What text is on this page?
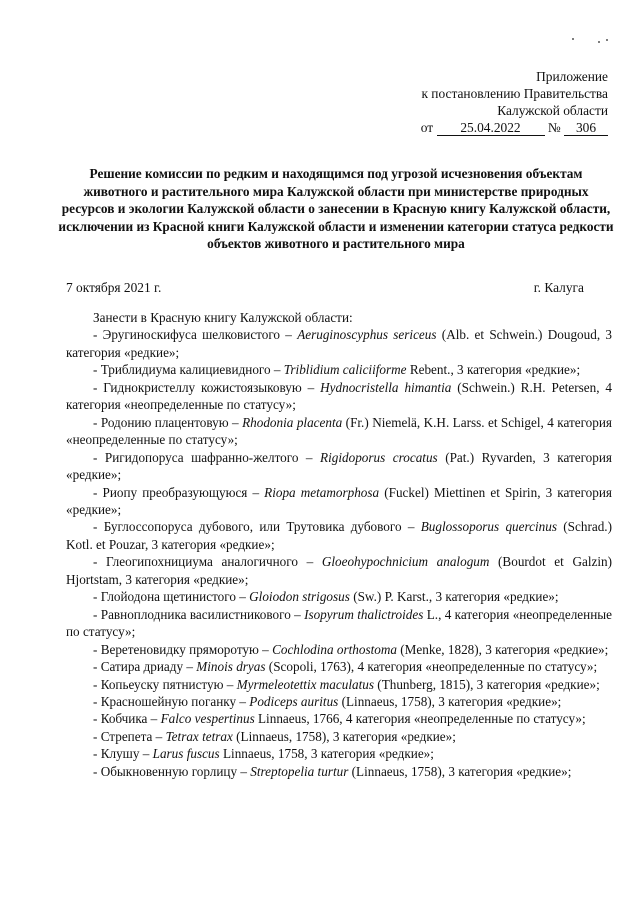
Приложение
к постановлению Правительства
Калужской области
от 25.04.2022 № 306
Решение комиссии по редким и находящимся под угрозой исчезновения объектам животного и растительного мира Калужской области при министерстве природных ресурсов и экологии Калужской области о занесении в Красную книгу Калужской области, исключении из Красной книги Калужской области и изменении категории статуса редкости объектов животного и растительного мира
7 октября 2021 г.	г. Калуга

Занести в Красную книгу Калужской области:

- Эругиноскифуса шелковистого – Aeruginoscyphus sericeus (Alb. et Schwein.) Dougoud, 3 категория «редкие»;

- Триблидиума калициевидного – Triblidium caliciiforme Rebent., 3 категория «редкие»;

- Гиднокристеллу кожистоязыковую – Hydnocristella himantia (Schwein.) R.H. Petersen, 4 категория «неопределенные по статусу»;

- Родонию плацентовую – Rhodonia placenta (Fr.) Niemelä, K.H. Larss. et Schigel, 4 категория «неопределенные по статусу»;

- Ригидопоруса шафранно-желтого – Rigidoporus crocatus (Pat.) Ryvarden, 3 категория «редкие»;

- Риопу преобразующуюся – Riopa metamorphosa (Fuckel) Miettinen et Spirin, 3 категория «редкие»;

- Буглоссопоруса дубового, или Трутовика дубового – Buglossoporus quercinus (Schrad.) Kotl. et Pouzar, 3 категория «редкие»;

- Глеогипохнициума аналогичного – Gloeohypochnicium analogum (Bourdot et Galzin) Hjortstam, 3 категория «редкие»;

- Глойодона щетинистого – Gloiodon strigosus (Sw.) P. Karst., 3 категория «редкие»;

- Равноплодника василистникового – Isopyrum thalictroides L., 4 категория «неопределенные по статусу»;

- Веретеновидку пряморотую – Cochlodina orthostoma (Menke, 1828), 3 категория «редкие»;

- Сатира дриаду – Minois dryas (Scopoli, 1763), 4 категория «неопределенные по статусу»;

- Копьеуску пятнистую – Myrmeleotettix maculatus (Thunberg, 1815), 3 категория «редкие»;

- Красношейную поганку – Podiceps auritus (Linnaeus, 1758), 3 категория «редкие»;

- Кобчика – Falco vespertinus Linnaeus, 1766, 4 категория «неопределенные по статусу»;

- Стрепета – Tetrax tetrax (Linnaeus, 1758), 3 категория «редкие»;

- Клушу – Larus fuscus Linnaeus, 1758, 3 категория «редкие»;

- Обыкновенную горлицу – Streptopelia turtur (Linnaeus, 1758), 3 категория «редкие»;
